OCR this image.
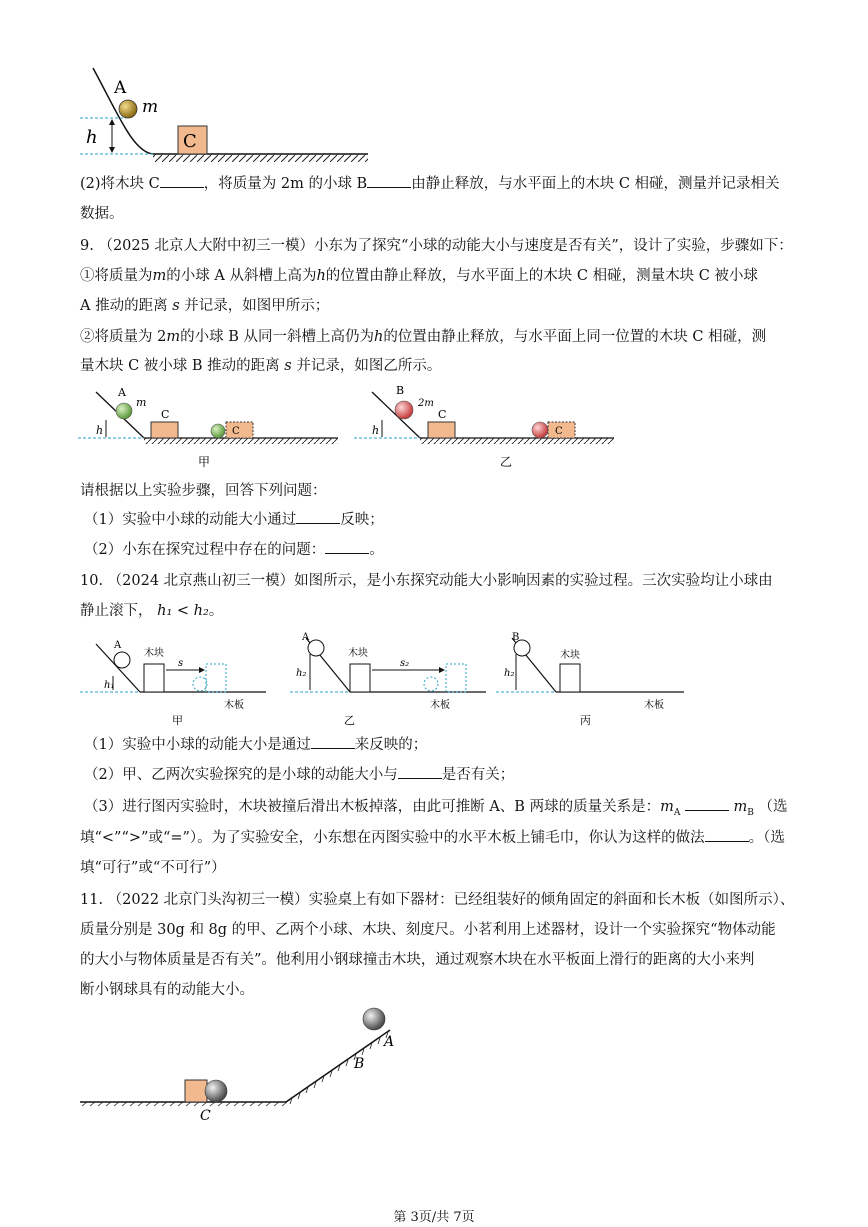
A
m
h	C
(2)将木块 C	，将质量为 2m 的小球 B	由静止释放，与水平面上的木块 C 相碰，测量并记录相关
数据。
9. （2025 北京人大附中初三一模）小东为了探究“小球的动能大小与速度是否有关”，设计了实验，步骤如下：
①将质量为m的小球 A 从斜槽上高为h的位置由静止释放，与水平面上的木块 C 相碰，测量木块 C 被小球
A 推动的距离 s 并记录，如图甲所示；
②将质量为 2m的小球 B 从同一斜槽上高仍为h的位置由静止释放，与水平面上同一位置的木块 C 相碰，测
量木块 C 被小球 B 推动的距离 s 并记录，如图乙所示。
A
m
h
C
C
甲
B
2m
h
C
C
乙
请根据以上实验步骤，回答下列问题：
（1）实验中小球的动能大小通过	反映；
（2）小东在探究过程中存在的问题：	。
10. （2024 北京燕山初三一模）如图所示，是小东探究动能大小影响因素的实验过程。三次实验均让小球由
静止滚下， h₁ < h₂。
A
木块
s
h₁
木板
甲
A
木块
s₂
h₂
木板
乙
B
木块
h₂
木板
丙
（1）实验中小球的动能大小是通过	来反映的；
（2）甲、乙两次实验探究的是小球的动能大小与	是否有关；
（3）进行图丙实验时，木块被撞后滑出木板掉落，由此可推断 A、B 两球的质量关系是：$m_A$	$m_B$ （选
填“<”“>”或“=”）。为了实验安全，小东想在丙图实验中的水平木板上铺毛巾，你认为这样的做法	。（选
填“可行”或“不可行”）
11. （2022 北京门头沟初三一模）实验桌上有如下器材：已经组装好的倾角固定的斜面和长木板（如图所示）、
质量分别是 30g 和 8g 的甲、乙两个小球、木块、刻度尺。小茗利用上述器材，设计一个实验探究“物体动能
的大小与物体质量是否有关”。他利用小钢球撞击木块，通过观察木块在水平板面上滑行的距离的大小来判
断小钢球具有的动能大小。
A
B
C
第 3页/共 7页
